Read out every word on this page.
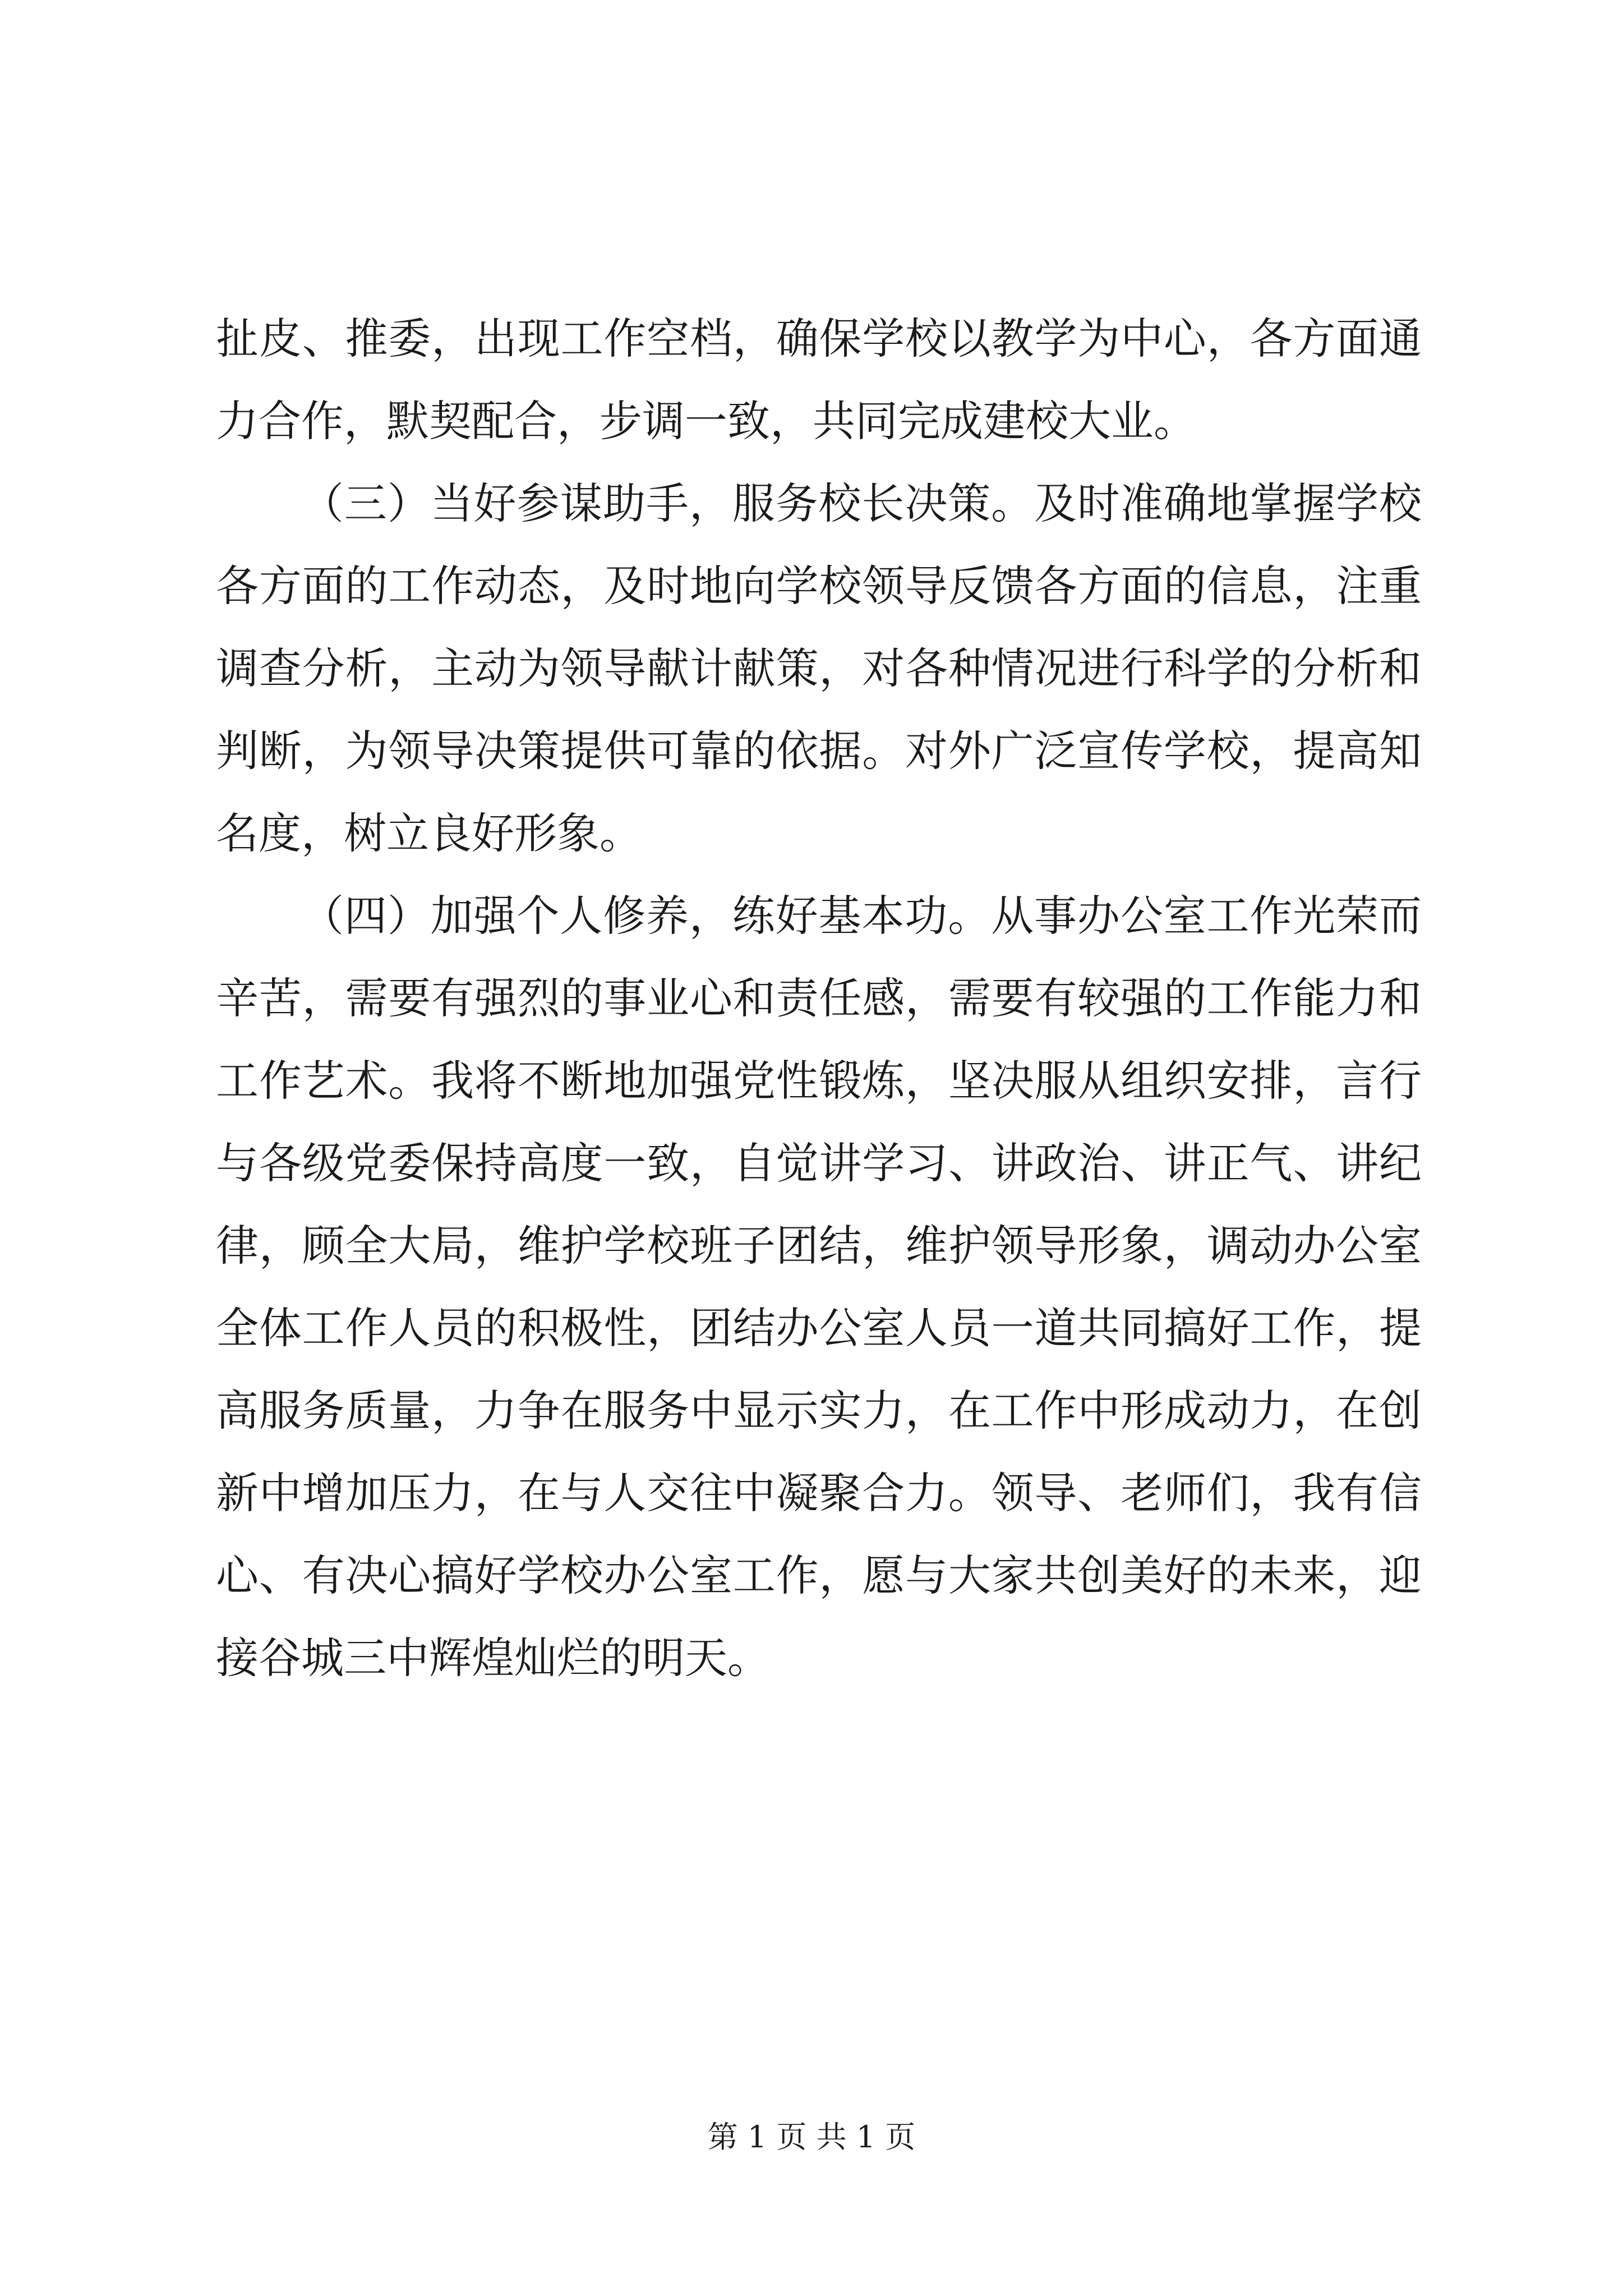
扯皮、推委，出现工作空档，确保学校以教学为中心，各方面通
力合作，默契配合，步调一致，共同完成建校大业。
（三）当好参谋助手，服务校长决策。及时准确地掌握学校
各方面的工作动态，及时地向学校领导反馈各方面的信息，注重
调查分析，主动为领导献计献策，对各种情况进行科学的分析和
判断，为领导决策提供可靠的依据。对外广泛宣传学校，提高知
名度，树立良好形象。
（四）加强个人修养，练好基本功。从事办公室工作光荣而
辛苦，需要有强烈的事业心和责任感，需要有较强的工作能力和
工作艺术。我将不断地加强党性锻炼，坚决服从组织安排，言行
与各级党委保持高度一致，自觉讲学习、讲政治、讲正气、讲纪
律，顾全大局，维护学校班子团结，维护领导形象，调动办公室
全体工作人员的积极性，团结办公室人员一道共同搞好工作，提
高服务质量，力争在服务中显示实力，在工作中形成动力，在创
新中增加压力，在与人交往中凝聚合力。领导、老师们，我有信
心、有决心搞好学校办公室工作，愿与大家共创美好的未来，迎
接谷城三中辉煌灿烂的明天。
第 1 页 共 1 页
